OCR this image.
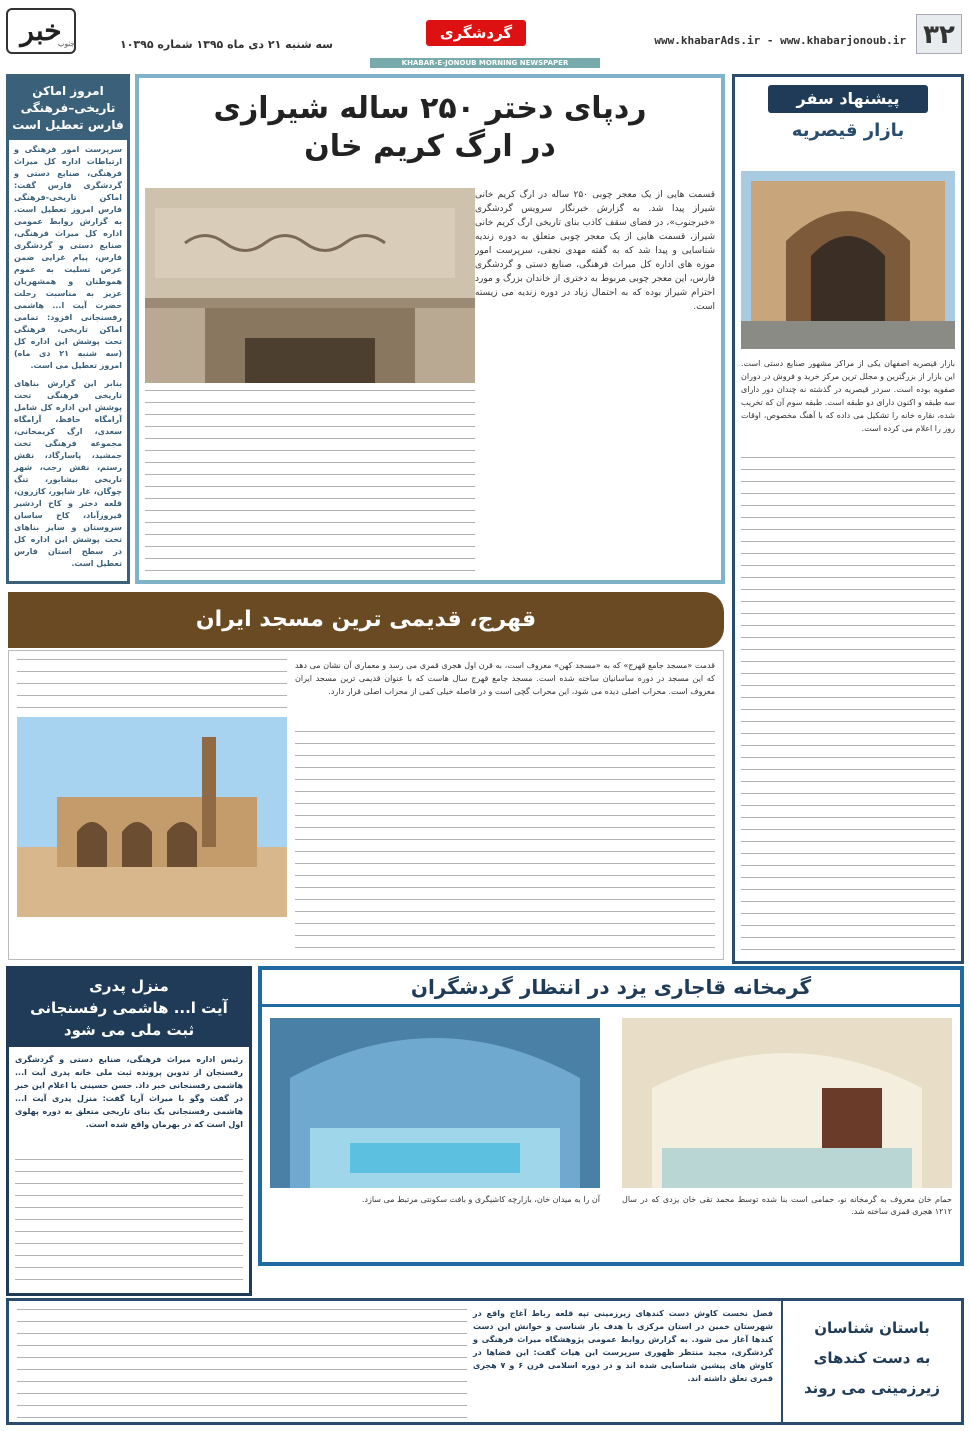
۳۲
www.khabarAds.ir - www.khabarjonoub.ir
گردشگری
سه شنبه ۲۱ دی ماه ۱۳۹۵ شماره ۱۰۳۹۵
خبر
جنوب
KHABAR-E-JONOUB MORNING NEWSPAPER
امروز اماکن
تاریخی–فرهنگی
فارس تعطیل است
سرپرست امور فرهنگی و ارتباطات اداره کل میراث فرهنگی، صنایع دستی و گردشگری فارس گفت: اماکن تاریخی-فرهنگی فارس امروز تعطیل است. به گزارش روابط عمومی اداره کل میراث فرهنگی، صنایع دستی و گردشگری فارس، پیام غرایی ضمن عرض تسلیت به عموم هموطنان و همشهریان عزیز به مناسبت رحلت حضرت آیت ا... هاشمی رفسنجانی افزود: تمامی اماکن تاریخی، فرهنگی تحت پوشش این اداره کل (سه شنبه ۲۱ دی ماه) امروز تعطیل می است.
بنابر این گزارش بناهای تاریخی فرهنگی تحت پوشش این اداره کل شامل آرامگاه حافظ، آرامگاه سعدی، ارگ کریمخانی، مجموعه فرهنگی تخت جمشید، پاسارگاد، نقش رستم، نقش رجب، شهر تاریخی بیشابور، تنگ چوگان، غار شاپور، کازرون، قلعه دختر و کاخ اردشیر فیروزآباد، کاخ ساسان سروستان و سایر بناهای تحت پوشش این اداره کل در سطح استان فارس تعطیل است.
ردپای دختر ۲۵۰ ساله شیرازی
در ارگ کریم خان
قسمت هایی از یک معجر چوبی ۲۵۰ ساله در ارگ کریم خانی شیراز پیدا شد. به گزارش خبرنگار سرویس گردشگری «خبرجنوب»، در فضای سقف کاذب بنای تاریخی ارگ کریم خانی شیراز، قسمت هایی از یک معجر چوبی متعلق به دوره زندیه شناسایی و پیدا شد که به گفته مهدی نجفی، سرپرست امور موزه های اداره کل میراث فرهنگی، صنایع دستی و گردشگری فارس، این معجر چوبی مربوط به دختری از خاندان بزرگ و مورد احترام شیراز بوده که به احتمال زیاد در دوره زندیه می زیسته است.
پیشنهاد سفر
بازار قیصریه
بازار قیصریه اصفهان یکی از مراکز مشهور صنایع دستی است. این بازار از بزرگترین و مجلل ترین مرکز خرید و فروش در دوران صفویه بوده است. سردر قیصریه در گذشته نه چندان دور دارای سه طبقه و اکنون دارای دو طبقه است. طبقه سوم آن که تخریب شده، نقاره خانه را تشکیل می داده که با آهنگ مخصوص، اوقات روز را اعلام می کرده است.
قهرج، قدیمی ترین مسجد ایران
قدمت «مسجد جامع قهرج» که به «مسجد کهن» معروف است، به قرن اول هجری قمری می رسد و معماری آن نشان می دهد که این مسجد در دوره ساسانیان ساخته شده است. مسجد جامع قهرج سال هاست که با عنوان قدیمی ترین مسجد ایران معروف است. محراب اصلی دیده می شود، این محراب گچی است و در فاصله خیلی کمی از محراب اصلی قرار دارد.
گرمخانه قاجاری یزد در انتظار گردشگران
آن را به میدان خان، بازارچه کاشیگری و بافت سکونتی مرتبط می سازد.	حمام خان معروف به گرمخانه نو، حمامی است بنا شده توسط محمد تقی خان یزدی که در سال ۱۲۱۲ هجری قمری ساخته شد.
منزل پدری
آیت ا... هاشمی رفسنجانی
ثبت ملی می شود
رئیس اداره میراث فرهنگی، صنایع دستی و گردشگری رفسنجان از تدوین پرونده ثبت ملی خانه پدری آیت ا... هاشمی رفسنجانی خبر داد. حسن حسینی با اعلام این خبر در گفت وگو با میراث آریا گفت: منزل پدری آیت ا... هاشمی رفسنجانی یک بنای تاریخی متعلق به دوره پهلوی اول است که در بهرمان واقع شده است.
باستان شناسان
به دست کندهای
زیرزمینی می روند
فصل نخست کاوش دست کندهای زیرزمینی تپه قلعه رباط آغاج واقع در شهرستان خمین در استان مرکزی با هدف باز شناسی و خوانش این دست کندها آغاز می شود. به گزارش روابط عمومی پژوهشگاه میراث فرهنگی و گردشگری، مجید منتظر ظهوری سرپرست این هیات گفت: این فضاها در کاوش های پیشین شناسایی شده اند و در دوره اسلامی قرن ۶ و ۷ هجری قمری تعلق داشته اند.
